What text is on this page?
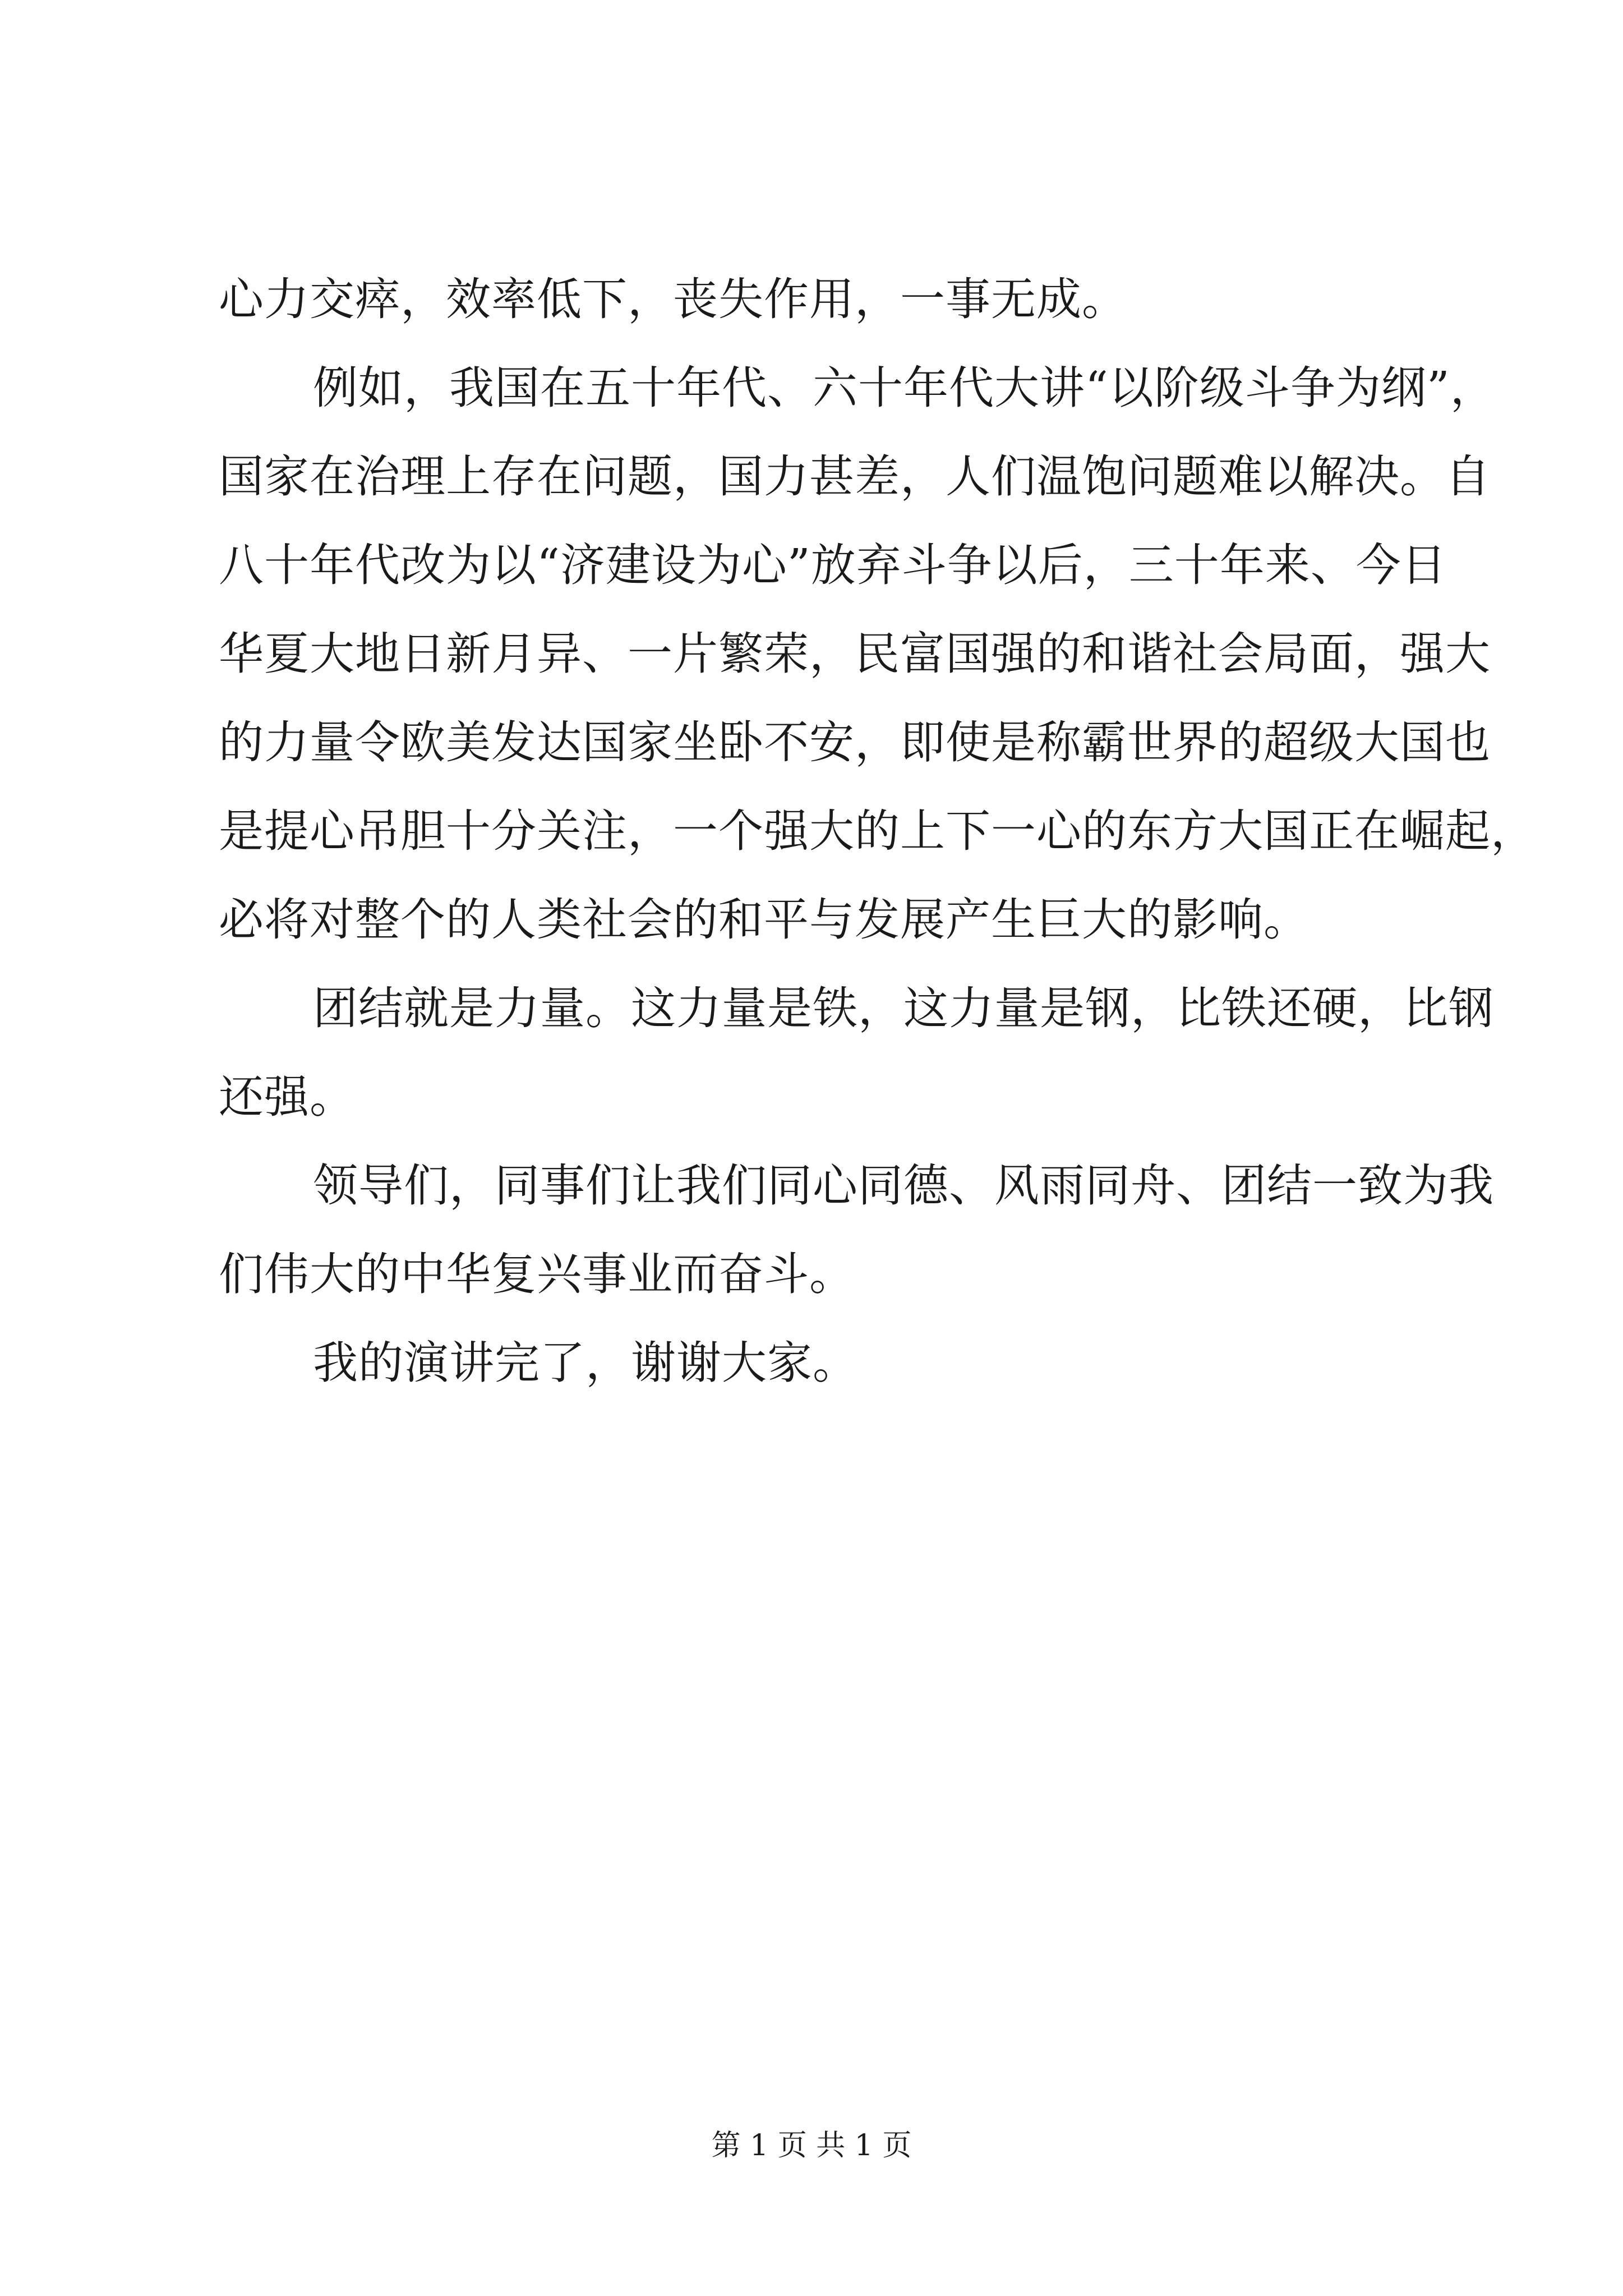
心力交瘁，效率低下，丧失作用，一事无成。
例如，我国在五十年代、六十年代大讲“以阶级斗争为纲”，
国家在治理上存在问题，国力甚差，人们温饱问题难以解决。自
八十年代改为以“济建设为心”放弃斗争以后，三十年来、今日
华夏大地日新月异、一片繁荣，民富国强的和谐社会局面，强大
的力量令欧美发达国家坐卧不安，即使是称霸世界的超级大国也
是提心吊胆十分关注，一个强大的上下一心的东方大国正在崛起，
必将对整个的人类社会的和平与发展产生巨大的影响。
团结就是力量。这力量是铁，这力量是钢，比铁还硬，比钢
还强。
领导们，同事们让我们同心同德、风雨同舟、团结一致为我
们伟大的中华复兴事业而奋斗。
我的演讲完了，谢谢大家。
第 1 页 共 1 页
